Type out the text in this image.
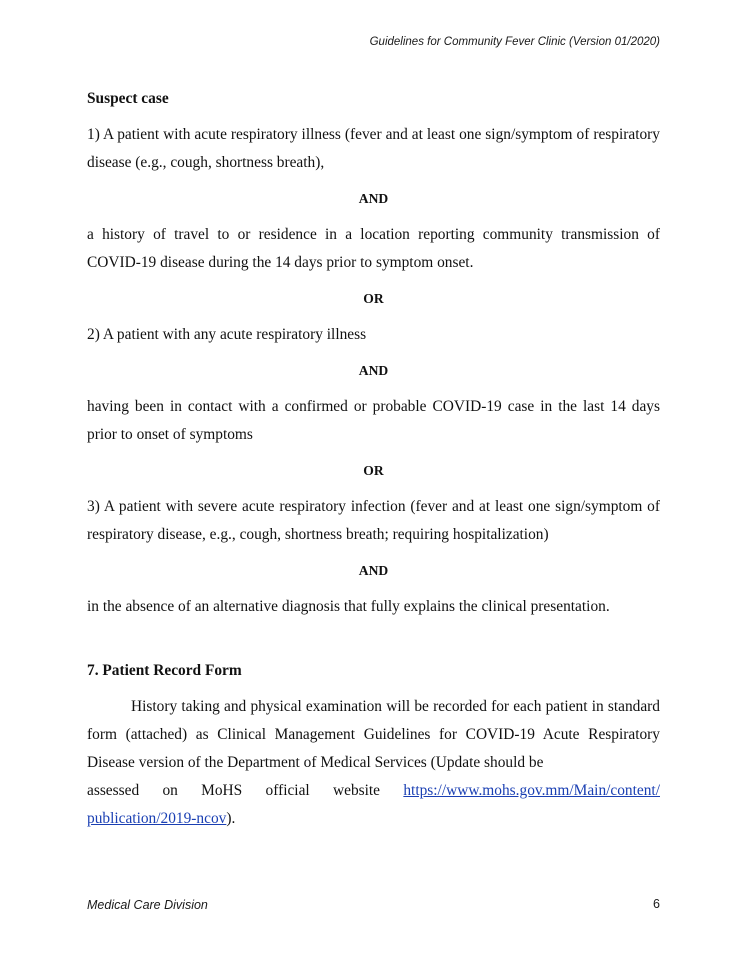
Guidelines for Community Fever Clinic (Version 01/2020)

Suspect case

1) A patient with acute respiratory illness (fever and at least one sign/symptom of respiratory disease (e.g., cough, shortness breath),

AND

a history of travel to or residence in a location reporting community transmission of COVID-19 disease during the 14 days prior to symptom onset.

OR

2) A patient with any acute respiratory illness

AND

having been in contact with a confirmed or probable COVID-19 case in the last 14 days prior to onset of symptoms

OR

3) A patient with severe acute respiratory infection (fever and at least one sign/symptom of respiratory disease, e.g., cough, shortness breath; requiring hospitalization)

AND

in the absence of an alternative diagnosis that fully explains the clinical presentation.

7. Patient Record Form

History taking and physical examination will be recorded for each patient in standard form (attached) as Clinical Management Guidelines for COVID-19 Acute Respiratory Disease version of the Department of Medical Services (Update should be

assessed on MoHS official website https://www.mohs.gov.mm/Main/content/
publication/2019-ncov).
Medical Care Division	6
